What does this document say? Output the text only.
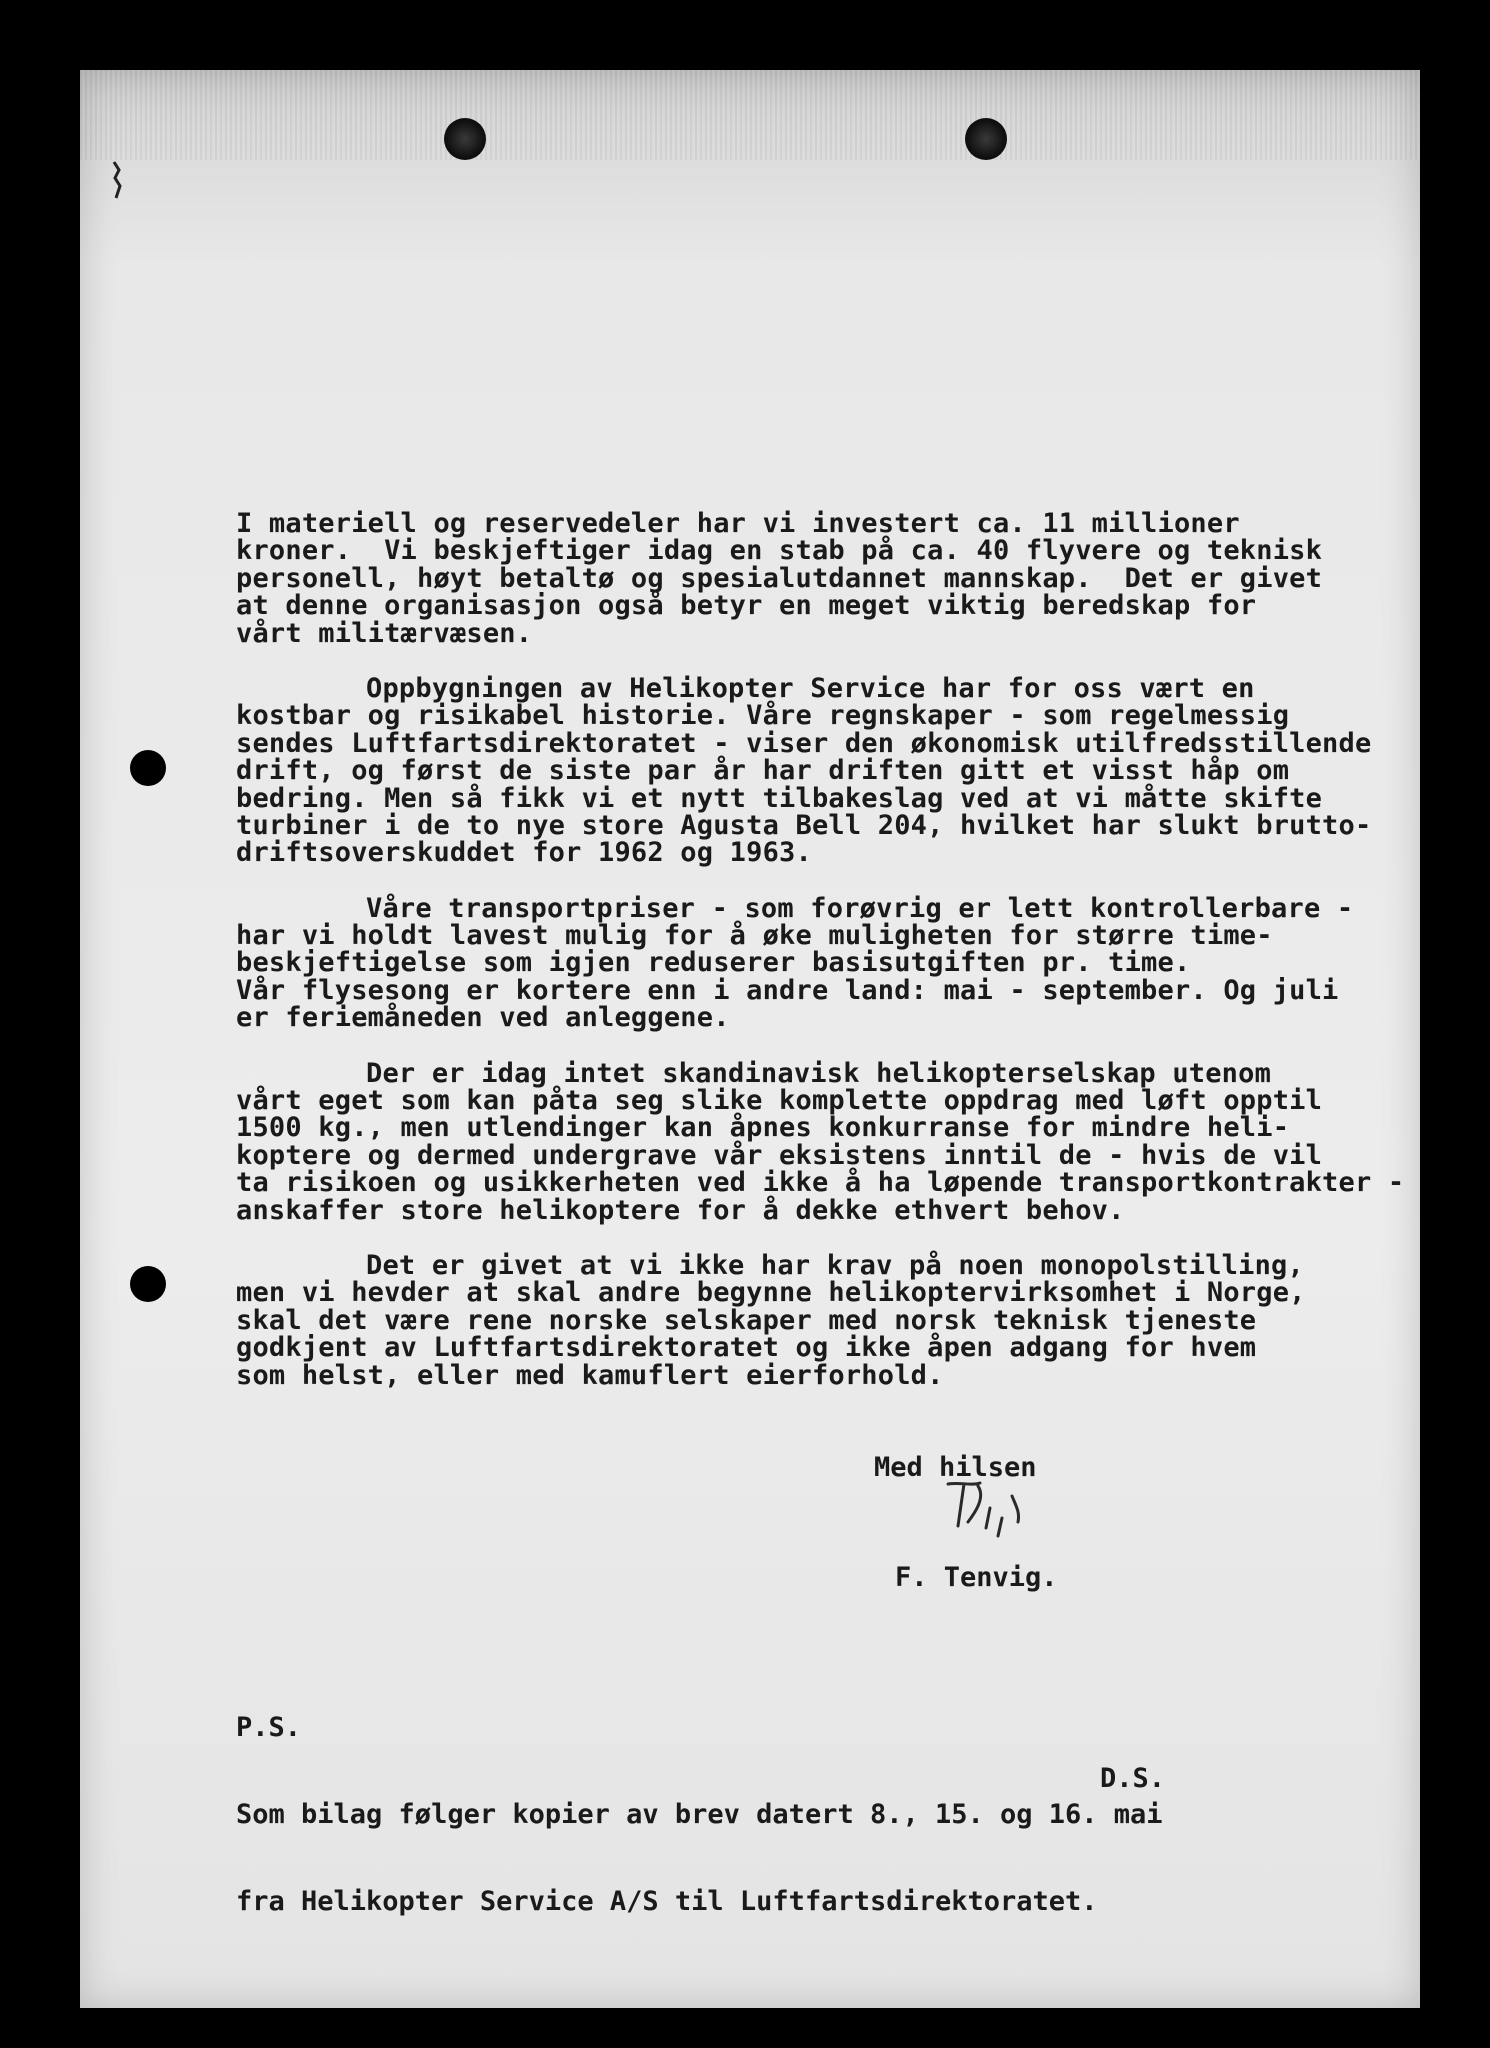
I materiell og reservedeler har vi investert ca. 11 millioner
kroner.  Vi beskjeftiger idag en stab på ca. 40 flyvere og teknisk
personell, høyt betaltø og spesialutdannet mannskap.  Det er givet
at denne organisasjon også betyr en meget viktig beredskap for
vårt militærvæsen.
Oppbygningen av Helikopter Service har for oss vært en
kostbar og risikabel historie. Våre regnskaper - som regelmessig
sendes Luftfartsdirektoratet - viser den økonomisk utilfredsstillende
drift, og først de siste par år har driften gitt et visst håp om
bedring. Men så fikk vi et nytt tilbakeslag ved at vi måtte skifte
turbiner i de to nye store Agusta Bell 204, hvilket har slukt brutto-
driftsoverskuddet for 1962 og 1963.
Våre transportpriser - som forøvrig er lett kontrollerbare -
har vi holdt lavest mulig for å øke muligheten for større time-
beskjeftigelse som igjen reduserer basisutgiften pr. time.
Vår flysesong er kortere enn i andre land: mai - september. Og juli
er feriemåneden ved anleggene.
Der er idag intet skandinavisk helikopterselskap utenom
vårt eget som kan påta seg slike komplette oppdrag med løft opptil
1500 kg., men utlendinger kan åpnes konkurranse for mindre heli-
koptere og dermed undergrave vår eksistens inntil de - hvis de vil
ta risikoen og usikkerheten ved ikke å ha løpende transportkontrakter -
anskaffer store helikoptere for å dekke ethvert behov.
Det er givet at vi ikke har krav på noen monopolstilling,
men vi hevder at skal andre begynne helikoptervirksomhet i Norge,
skal det være rene norske selskaper med norsk teknisk tjeneste
godkjent av Luftfartsdirektoratet og ikke åpen adgang for hvem
som helst, eller med kamuflert eierforhold.
Med hilsen
F. Tenvig.

P.S.

Som bilag følger kopier av brev datert 8., 15. og 16. mai

fra Helikopter Service A/S til Luftfartsdirektoratet.

D.S.
